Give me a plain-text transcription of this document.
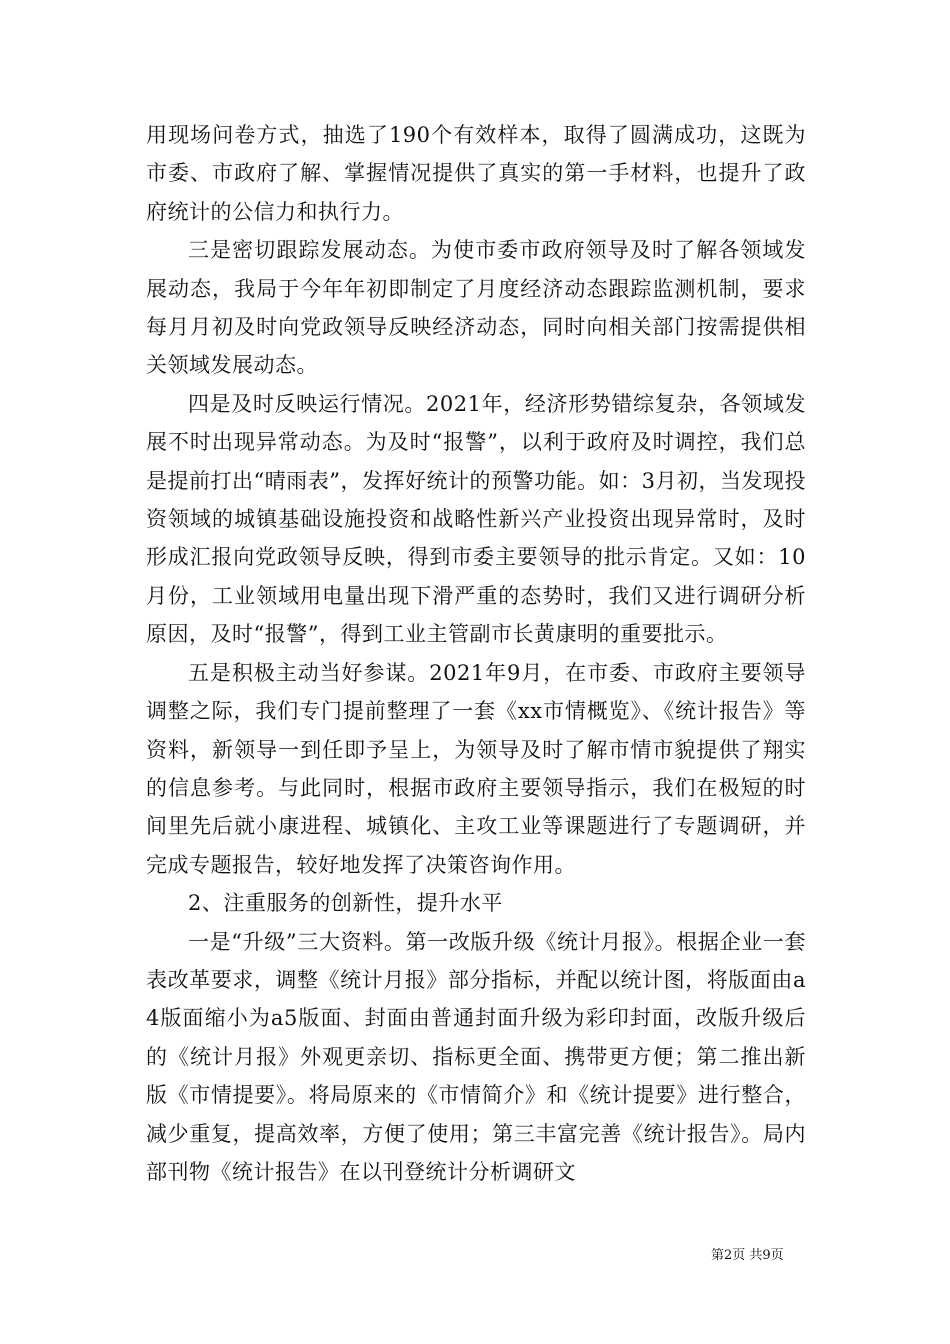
用现场问卷方式，抽选了190个有效样本，取得了圆满成功，这既为市委、市政府了解、掌握情况提供了真实的第一手材料，也提升了政府统计的公信力和执行力。

三是密切跟踪发展动态。为使市委市政府领导及时了解各领域发展动态，我局于今年年初即制定了月度经济动态跟踪监测机制，要求每月月初及时向党政领导反映经济动态，同时向相关部门按需提供相关领域发展动态。

四是及时反映运行情况。2021年，经济形势错综复杂，各领域发展不时出现异常动态。为及时“报警”，以利于政府及时调控，我们总是提前打出“晴雨表”，发挥好统计的预警功能。如：3月初，当发现投资领域的城镇基础设施投资和战略性新兴产业投资出现异常时，及时形成汇报向党政领导反映，得到市委主要领导的批示肯定。又如：10月份，工业领域用电量出现下滑严重的态势时，我们又进行调研分析原因，及时“报警”，得到工业主管副市长黄康明的重要批示。

五是积极主动当好参谋。2021年9月，在市委、市政府主要领导调整之际，我们专门提前整理了一套《xx市情概览》、《统计报告》等资料，新领导一到任即予呈上，为领导及时了解市情市貌提供了翔实的信息参考。与此同时，根据市政府主要领导指示，我们在极短的时间里先后就小康进程、城镇化、主攻工业等课题进行了专题调研，并完成专题报告，较好地发挥了决策咨询作用。

2、注重服务的创新性，提升水平

一是“升级”三大资料。第一改版升级《统计月报》。根据企业一套表改革要求，调整《统计月报》部分指标，并配以统计图，将版面由a4版面缩小为a5版面、封面由普通封面升级为彩印封面，改版升级后的《统计月报》外观更亲切、指标更全面、携带更方便；第二推出新版《市情提要》。将局原来的《市情简介》和《统计提要》进行整合，减少重复，提高效率，方便了使用；第三丰富完善《统计报告》。局内部刊物《统计报告》在以刊登统计分析调研文

第2页 共9页
